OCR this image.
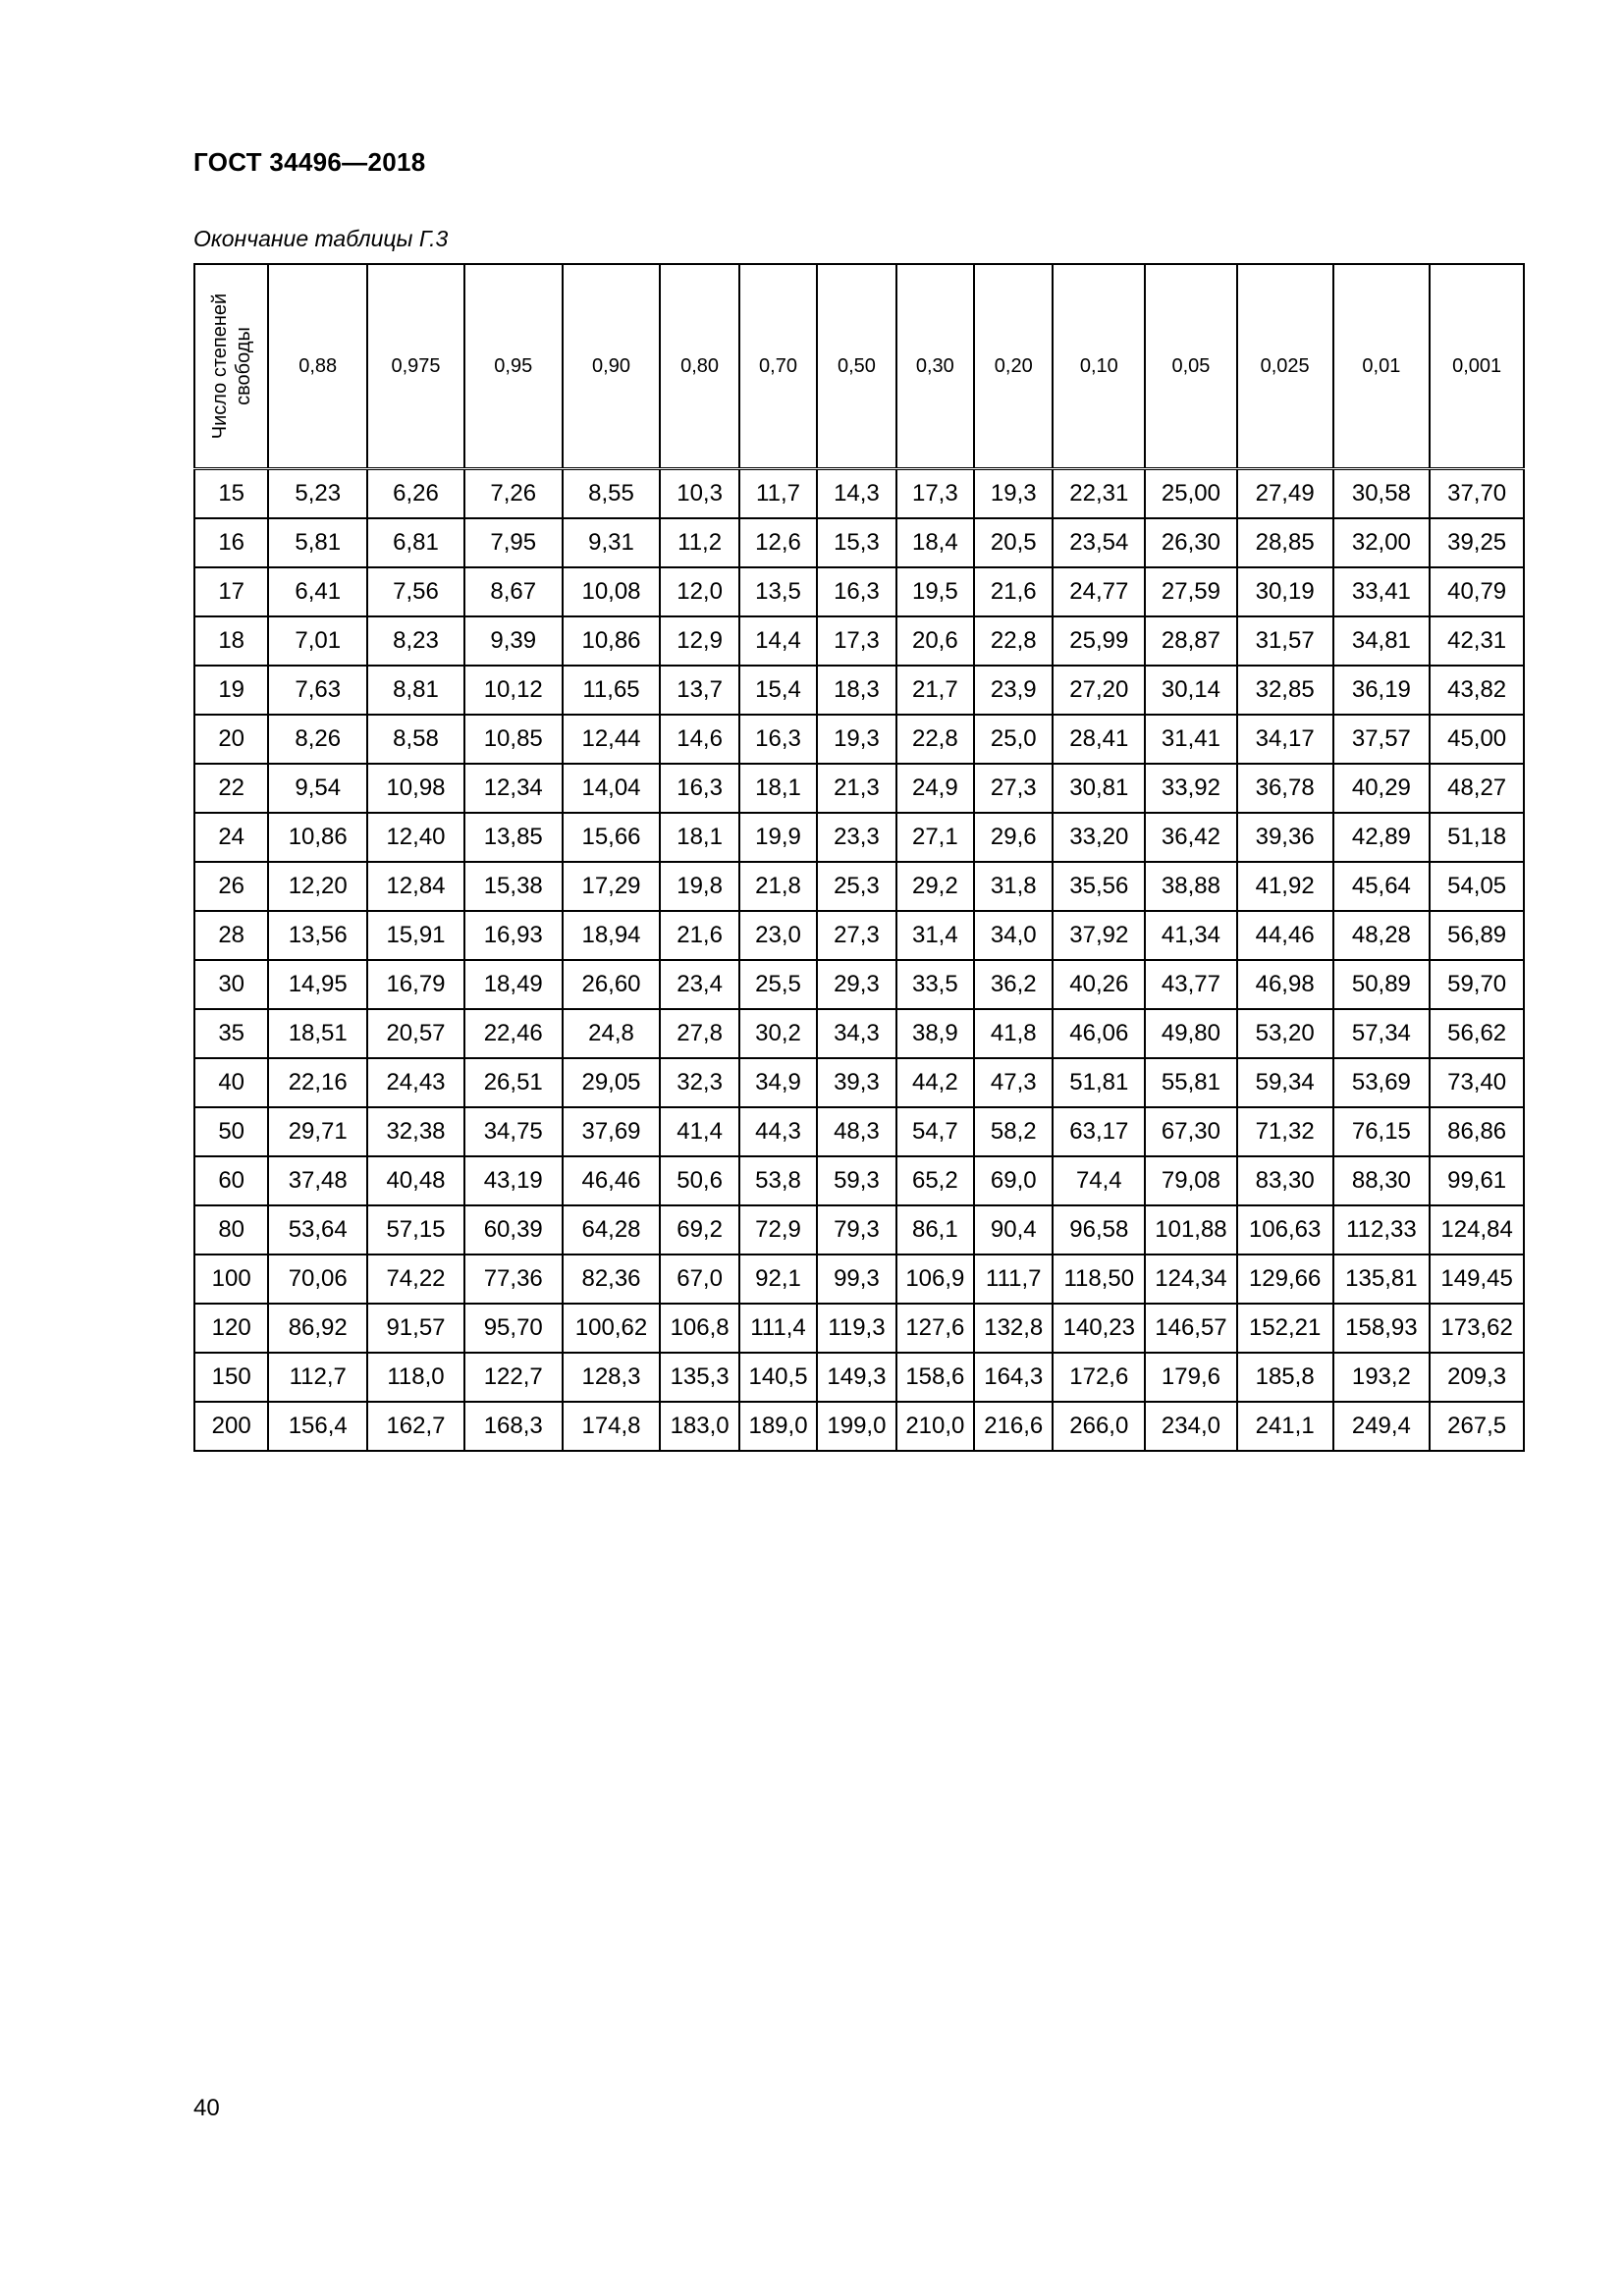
ГОСТ 34496—2018
Окончание таблицы Г.3
Число степеней свободы	0,88	0,975	0,95	0,90	0,80	0,70	0,50	0,30	0,20	0,10	0,05	0,025	0,01	0,001
15	5,23	6,26	7,26	8,55	10,3	11,7	14,3	17,3	19,3	22,31	25,00	27,49	30,58	37,70
16	5,81	6,81	7,95	9,31	11,2	12,6	15,3	18,4	20,5	23,54	26,30	28,85	32,00	39,25
17	6,41	7,56	8,67	10,08	12,0	13,5	16,3	19,5	21,6	24,77	27,59	30,19	33,41	40,79
18	7,01	8,23	9,39	10,86	12,9	14,4	17,3	20,6	22,8	25,99	28,87	31,57	34,81	42,31
19	7,63	8,81	10,12	11,65	13,7	15,4	18,3	21,7	23,9	27,20	30,14	32,85	36,19	43,82
20	8,26	8,58	10,85	12,44	14,6	16,3	19,3	22,8	25,0	28,41	31,41	34,17	37,57	45,00
22	9,54	10,98	12,34	14,04	16,3	18,1	21,3	24,9	27,3	30,81	33,92	36,78	40,29	48,27
24	10,86	12,40	13,85	15,66	18,1	19,9	23,3	27,1	29,6	33,20	36,42	39,36	42,89	51,18
26	12,20	12,84	15,38	17,29	19,8	21,8	25,3	29,2	31,8	35,56	38,88	41,92	45,64	54,05
28	13,56	15,91	16,93	18,94	21,6	23,0	27,3	31,4	34,0	37,92	41,34	44,46	48,28	56,89
30	14,95	16,79	18,49	26,60	23,4	25,5	29,3	33,5	36,2	40,26	43,77	46,98	50,89	59,70
35	18,51	20,57	22,46	24,8	27,8	30,2	34,3	38,9	41,8	46,06	49,80	53,20	57,34	56,62
40	22,16	24,43	26,51	29,05	32,3	34,9	39,3	44,2	47,3	51,81	55,81	59,34	53,69	73,40
50	29,71	32,38	34,75	37,69	41,4	44,3	48,3	54,7	58,2	63,17	67,30	71,32	76,15	86,86
60	37,48	40,48	43,19	46,46	50,6	53,8	59,3	65,2	69,0	74,4	79,08	83,30	88,30	99,61
80	53,64	57,15	60,39	64,28	69,2	72,9	79,3	86,1	90,4	96,58	101,88	106,63	112,33	124,84
100	70,06	74,22	77,36	82,36	67,0	92,1	99,3	106,9	111,7	118,50	124,34	129,66	135,81	149,45
120	86,92	91,57	95,70	100,62	106,8	111,4	119,3	127,6	132,8	140,23	146,57	152,21	158,93	173,62
150	112,7	118,0	122,7	128,3	135,3	140,5	149,3	158,6	164,3	172,6	179,6	185,8	193,2	209,3
200	156,4	162,7	168,3	174,8	183,0	189,0	199,0	210,0	216,6	266,0	234,0	241,1	249,4	267,5
40
